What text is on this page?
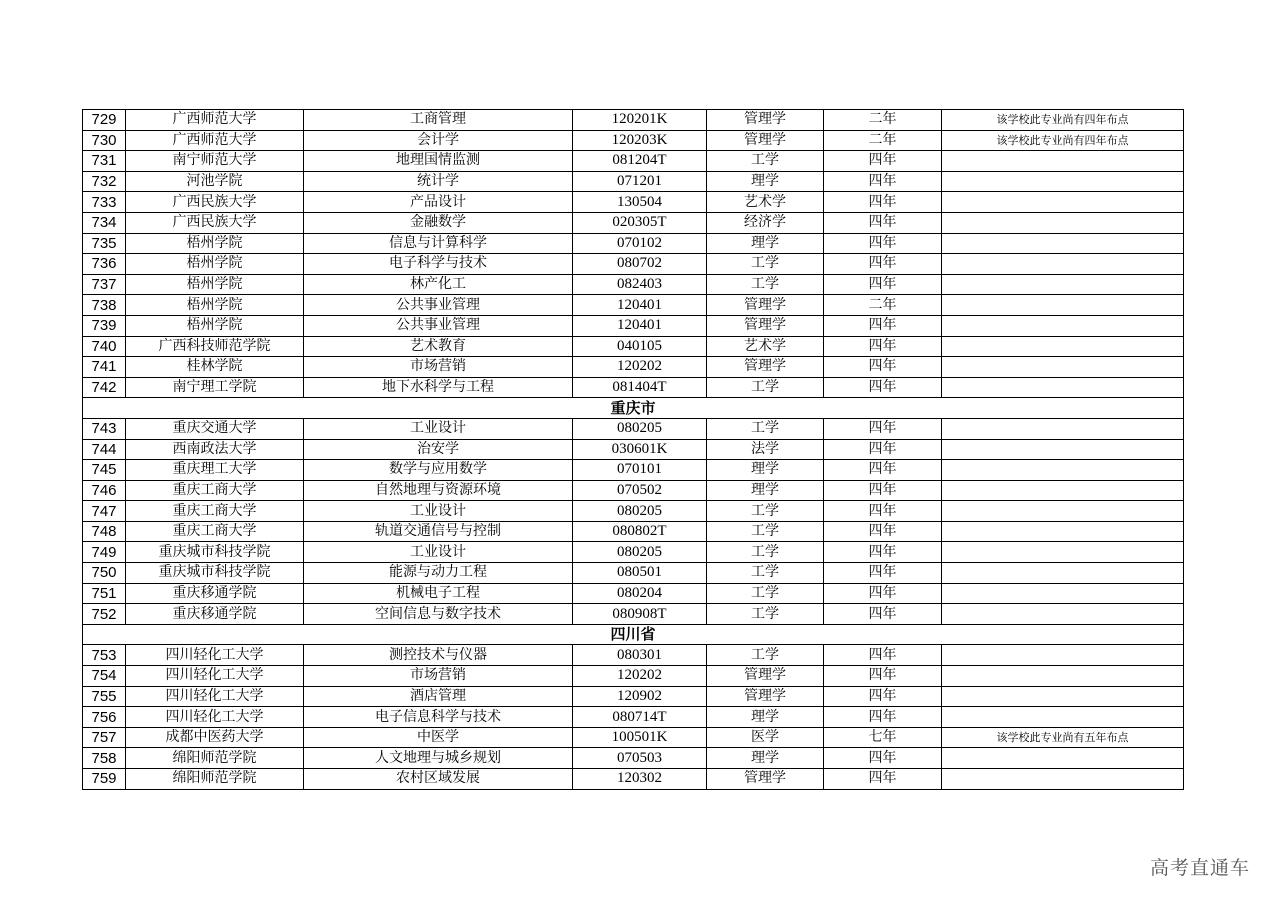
729	广西师范大学	工商管理	120201K	管理学	二年	该学校此专业尚有四年布点
730	广西师范大学	会计学	120203K	管理学	二年	该学校此专业尚有四年布点
731	南宁师范大学	地理国情监测	081204T	工学	四年	
732	河池学院	统计学	071201	理学	四年	
733	广西民族大学	产品设计	130504	艺术学	四年	
734	广西民族大学	金融数学	020305T	经济学	四年	
735	梧州学院	信息与计算科学	070102	理学	四年	
736	梧州学院	电子科学与技术	080702	工学	四年	
737	梧州学院	林产化工	082403	工学	四年	
738	梧州学院	公共事业管理	120401	管理学	二年	
739	梧州学院	公共事业管理	120401	管理学	四年	
740	广西科技师范学院	艺术教育	040105	艺术学	四年	
741	桂林学院	市场营销	120202	管理学	四年	
742	南宁理工学院	地下水科学与工程	081404T	工学	四年	
重庆市						
743	重庆交通大学	工业设计	080205	工学	四年	
744	西南政法大学	治安学	030601K	法学	四年	
745	重庆理工大学	数学与应用数学	070101	理学	四年	
746	重庆工商大学	自然地理与资源环境	070502	理学	四年	
747	重庆工商大学	工业设计	080205	工学	四年	
748	重庆工商大学	轨道交通信号与控制	080802T	工学	四年	
749	重庆城市科技学院	工业设计	080205	工学	四年	
750	重庆城市科技学院	能源与动力工程	080501	工学	四年	
751	重庆移通学院	机械电子工程	080204	工学	四年	
752	重庆移通学院	空间信息与数字技术	080908T	工学	四年	
四川省						
753	四川轻化工大学	测控技术与仪器	080301	工学	四年	
754	四川轻化工大学	市场营销	120202	管理学	四年	
755	四川轻化工大学	酒店管理	120902	管理学	四年	
756	四川轻化工大学	电子信息科学与技术	080714T	理学	四年	
757	成都中医药大学	中医学	100501K	医学	七年	该学校此专业尚有五年布点
758	绵阳师范学院	人文地理与城乡规划	070503	理学	四年	
759	绵阳师范学院	农村区域发展	120302	管理学	四年	
高考直通车
